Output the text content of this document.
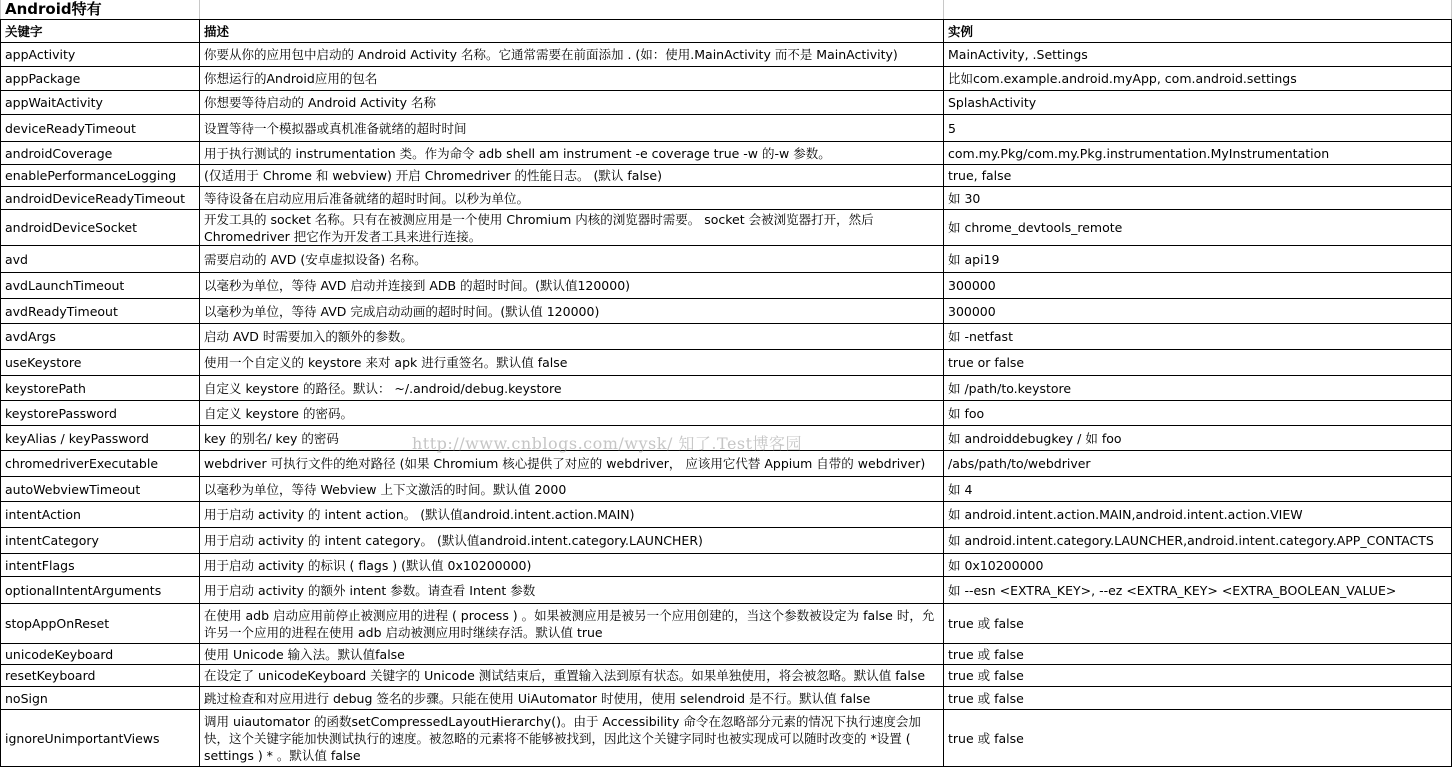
Android特有		
关键字	描述	实例
appActivity	你要从你的应用包中启动的 Android Activity 名称。它通常需要在前面添加 . (如：使用.MainActivity 而不是 MainActivity)	MainActivity, .Settings
appPackage	你想运行的Android应用的包名	比如com.example.android.myApp, com.android.settings
appWaitActivity	你想要等待启动的 Android Activity 名称	SplashActivity
deviceReadyTimeout	设置等待一个模拟器或真机准备就绪的超时时间	5
androidCoverage	用于执行测试的 instrumentation 类。作为命令 adb shell am instrument -e coverage true -w 的-w 参数。	com.my.Pkg/com.my.Pkg.instrumentation.MyInstrumentation
enablePerformanceLogging	(仅适用于 Chrome 和 webview) 开启 Chromedriver 的性能日志。 (默认 false)	true, false
androidDeviceReadyTimeout	等待设备在启动应用后准备就绪的超时时间。以秒为单位。	如 30
androidDeviceSocket	开发工具的 socket 名称。只有在被测应用是一个使用 Chromium 内核的浏览器时需要。 socket 会被浏览器打开，然后 Chromedriver 把它作为开发者工具来进行连接。	如 chrome_devtools_remote
avd	需要启动的 AVD (安卓虚拟设备) 名称。	如 api19
avdLaunchTimeout	以毫秒为单位，等待 AVD 启动并连接到 ADB 的超时时间。(默认值120000)	300000
avdReadyTimeout	以毫秒为单位，等待 AVD 完成启动动画的超时时间。(默认值 120000)	300000
avdArgs	启动 AVD 时需要加入的额外的参数。	如 -netfast
useKeystore	使用一个自定义的 keystore 来对 apk 进行重签名。默认值 false	true or false
keystorePath	自定义 keystore 的路径。默认： ~/.android/debug.keystore	如 /path/to.keystore
keystorePassword	自定义 keystore 的密码。	如 foo
keyAlias / keyPassword	key 的别名/ key 的密码	如 androiddebugkey / 如 foo
chromedriverExecutable	webdriver 可执行文件的绝对路径 (如果 Chromium 核心提供了对应的 webdriver， 应该用它代替 Appium 自带的 webdriver)	/abs/path/to/webdriver
autoWebviewTimeout	以毫秒为单位，等待 Webview 上下文激活的时间。默认值 2000	如 4
intentAction	用于启动 activity 的 intent action。 (默认值android.intent.action.MAIN)	如 android.intent.action.MAIN,android.intent.action.VIEW
intentCategory	用于启动 activity 的 intent category。 (默认值android.intent.category.LAUNCHER)	如 android.intent.category.LAUNCHER,android.intent.category.APP_CONTACTS
intentFlags	用于启动 activity 的标识 ( flags ) (默认值 0x10200000)	如 0x10200000
optionalIntentArguments	用于启动 activity 的额外 intent 参数。请查看 Intent 参数	如 --esn <EXTRA_KEY>, --ez <EXTRA_KEY> <EXTRA_BOOLEAN_VALUE>
stopAppOnReset	在使用 adb 启动应用前停止被测应用的进程 ( process ) 。如果被测应用是被另一个应用创建的，当这个参数被设定为 false 时，允许另一个应用的进程在使用 adb 启动被测应用时继续存活。默认值 true	true 或 false
unicodeKeyboard	使用 Unicode 输入法。默认值false	true 或 false
resetKeyboard	在设定了 unicodeKeyboard 关键字的 Unicode 测试结束后，重置输入法到原有状态。如果单独使用，将会被忽略。默认值 false	true 或 false
noSign	跳过检查和对应用进行 debug 签名的步骤。只能在使用 UiAutomator 时使用，使用 selendroid 是不行。默认值 false	true 或 false
ignoreUnimportantViews	调用 uiautomator 的函数setCompressedLayoutHierarchy()。由于 Accessibility 命令在忽略部分元素的情况下执行速度会加快，这个关键字能加快测试执行的速度。被忽略的元素将不能够被找到，因此这个关键字同时也被实现成可以随时改变的 *设置 ( settings ) * 。默认值 false	true 或 false
http://www.cnblogs.com/wysk/ 知了.Test博客园
